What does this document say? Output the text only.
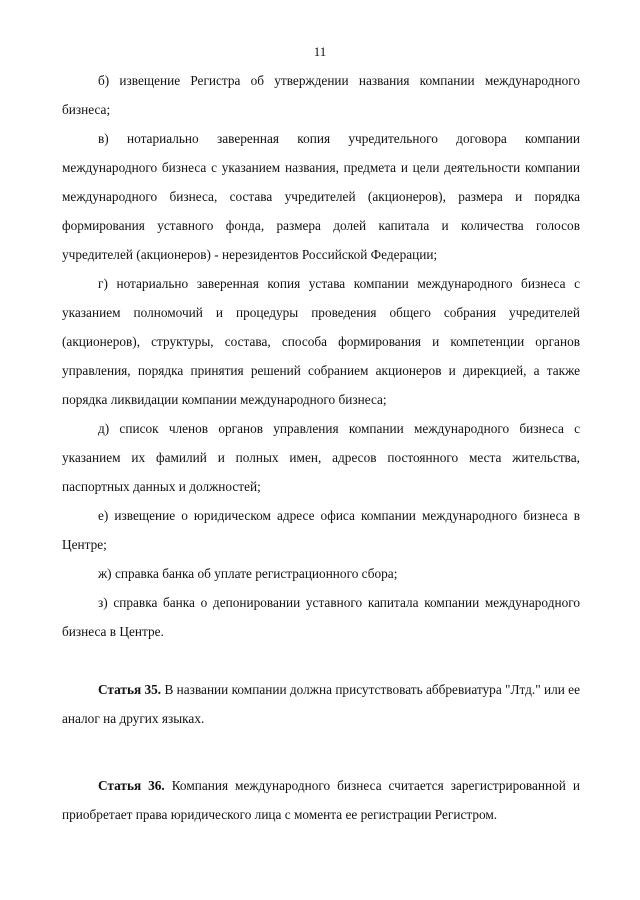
11

б) извещение Регистра об утверждении названия компании международного бизнеса;

в) нотариально заверенная копия учредительного договора компании международного бизнеса с указанием названия, предмета и цели деятельности компании международного бизнеса, состава учредителей (акционеров), размера и порядка формирования уставного фонда, размера долей капитала и количества голосов учредителей (акционеров) - нерезидентов Российской Федерации;

г) нотариально заверенная копия устава компании международного бизнеса с указанием полномочий и процедуры проведения общего собрания учредителей (акционеров), структуры, состава, способа формирования и компетенции органов управления, порядка принятия решений собранием акционеров и дирекцией, а также порядка ликвидации компании международного бизнеса;

д) список членов органов управления компании международного бизнеса с указанием их фамилий и полных имен, адресов постоянного места жительства, паспортных данных и должностей;

е) извещение о юридическом адресе офиса компании международного бизнеса в Центре;

ж) справка банка об уплате регистрационного сбора;

з) справка банка о депонировании уставного капитала компании международного бизнеса в Центре.

Статья 35. В названии компании должна присутствовать аббревиатура "Лтд." или ее аналог на других языках.

Статья 36. Компания международного бизнеса считается зарегистрированной и приобретает права юридического лица с момента ее регистрации Регистром.
